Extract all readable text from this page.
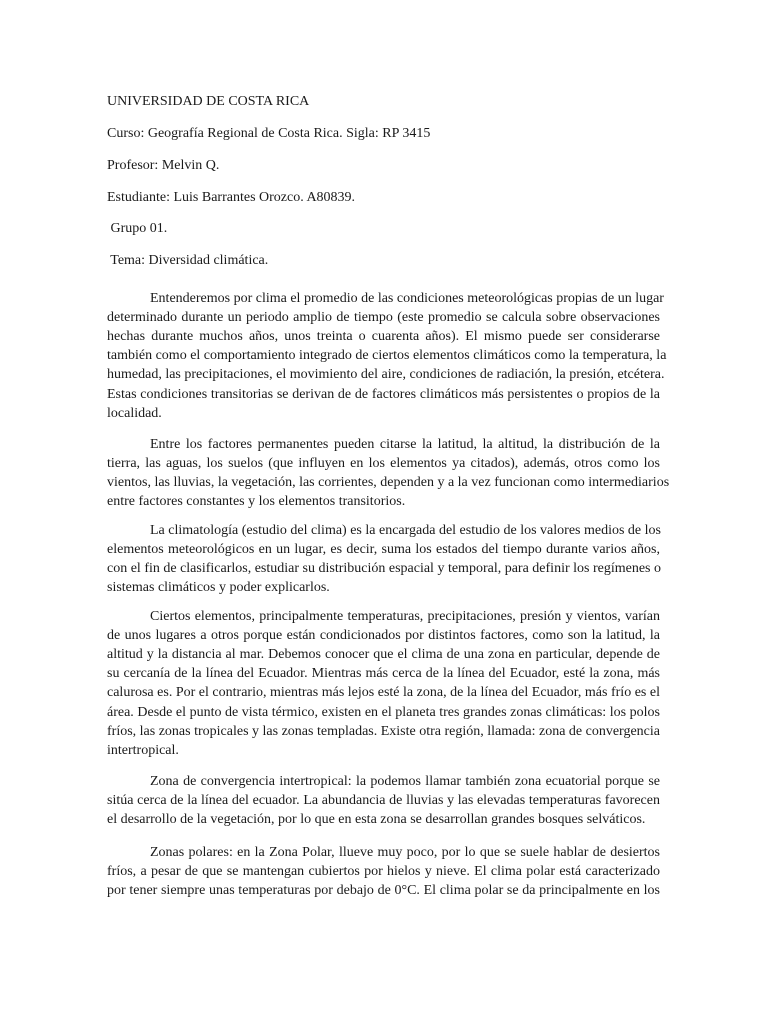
UNIVERSIDAD DE COSTA RICA
Curso: Geografía Regional de Costa Rica. Sigla: RP 3415
Profesor: Melvin Q.
Estudiante: Luis Barrantes Orozco. A80839.
Grupo 01.
Tema: Diversidad climática.
Entenderemos por clima el promedio de las condiciones meteorológicas propias de un lugar
determinado durante un periodo amplio de tiempo (este promedio se calcula sobre observaciones
hechas durante muchos años, unos treinta o cuarenta años). El mismo puede ser considerarse
también como el comportamiento integrado de ciertos elementos climáticos como la temperatura, la
humedad, las precipitaciones, el movimiento del aire, condiciones de radiación, la presión, etcétera.
Estas condiciones transitorias se derivan de de factores climáticos más persistentes o propios de la
localidad.
Entre los factores permanentes pueden citarse la latitud, la altitud, la distribución de la
tierra, las aguas, los suelos (que influyen en los elementos ya citados), además, otros como los
vientos, las lluvias, la vegetación, las corrientes, dependen y a la vez funcionan como intermediarios
entre factores constantes y los elementos transitorios.
La climatología (estudio del clima) es la encargada del estudio de los valores medios de los
elementos meteorológicos en un lugar, es decir, suma los estados del tiempo durante varios años,
con el fin de clasificarlos, estudiar su distribución espacial y temporal, para definir los regímenes o
sistemas climáticos y poder explicarlos.
Ciertos elementos, principalmente temperaturas, precipitaciones, presión y vientos, varían
de unos lugares a otros porque están condicionados por distintos factores, como son la latitud, la
altitud y la distancia al mar. Debemos conocer que el clima de una zona en particular, depende de
su cercanía de la línea del Ecuador. Mientras más cerca de la línea del Ecuador, esté la zona, más
calurosa es. Por el contrario, mientras más lejos esté la zona, de la línea del Ecuador, más frío es el
área. Desde el punto de vista térmico, existen en el planeta tres grandes zonas climáticas: los polos
fríos, las zonas tropicales y las zonas templadas. Existe otra región, llamada: zona de convergencia
intertropical.
Zona de convergencia intertropical: la podemos llamar también zona ecuatorial porque se
sitúa cerca de la línea del ecuador. La abundancia de lluvias y las elevadas temperaturas favorecen
el desarrollo de la vegetación, por lo que en esta zona se desarrollan grandes bosques selváticos.
Zonas polares: en la Zona Polar, llueve muy poco, por lo que se suele hablar de desiertos
fríos, a pesar de que se mantengan cubiertos por hielos y nieve. El clima polar está caracterizado
por tener siempre unas temperaturas por debajo de 0°C. El clima polar se da principalmente en los
